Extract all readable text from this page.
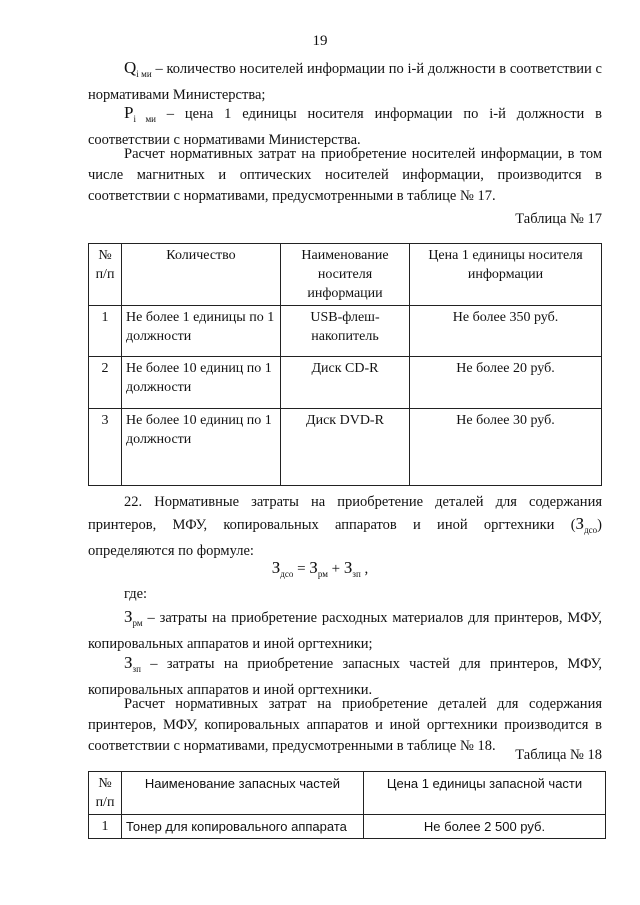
19
$Q_{i ми}$ – количество носителей информации по i-й должности в соответствии с нормативами Министерства;
$P_{i ми}$ – цена 1 единицы носителя информации по i-й должности в соответствии с нормативами Министерства.
Расчет нормативных затрат на приобретение носителей информации, в том числе магнитных и оптических носителей информации, производится в соответствии с нормативами, предусмотренными в таблице № 17.
Таблица № 17
№ п/п	Количество	Наименование носителя информации	Цена 1 единицы носителя информации
1	Не более 1 единицы по 1 должности	USB-флеш-накопитель	Не более 350 руб.
2	Не более 10 единиц по 1 должности	Диск CD-R	Не более 20 руб.
3	Не более 10 единиц по 1 должности	Диск DVD-R	Не более 30 руб.
22. Нормативные затраты на приобретение деталей для содержания принтеров, МФУ, копировальных аппаратов и иной оргтехники $(З_{дсо})$ определяются по формуле:
$З_{дсо} = З_{рм} + З_{зп}$ ,
где:
$З_{рм}$ – затраты на приобретение расходных материалов для принтеров, МФУ, копировальных аппаратов и иной оргтехники;
$З_{зп}$ – затраты на приобретение запасных частей для принтеров, МФУ, копировальных аппаратов и иной оргтехники.
Расчет нормативных затрат на приобретение деталей для содержания принтеров, МФУ, копировальных аппаратов и иной оргтехники производится в соответствии с нормативами, предусмотренными в таблице № 18.
Таблица № 18
№ п/п	Наименование запасных частей	Цена 1 единицы запасной части
1	Тонер для копировального аппарата	Не более 2 500 руб.
